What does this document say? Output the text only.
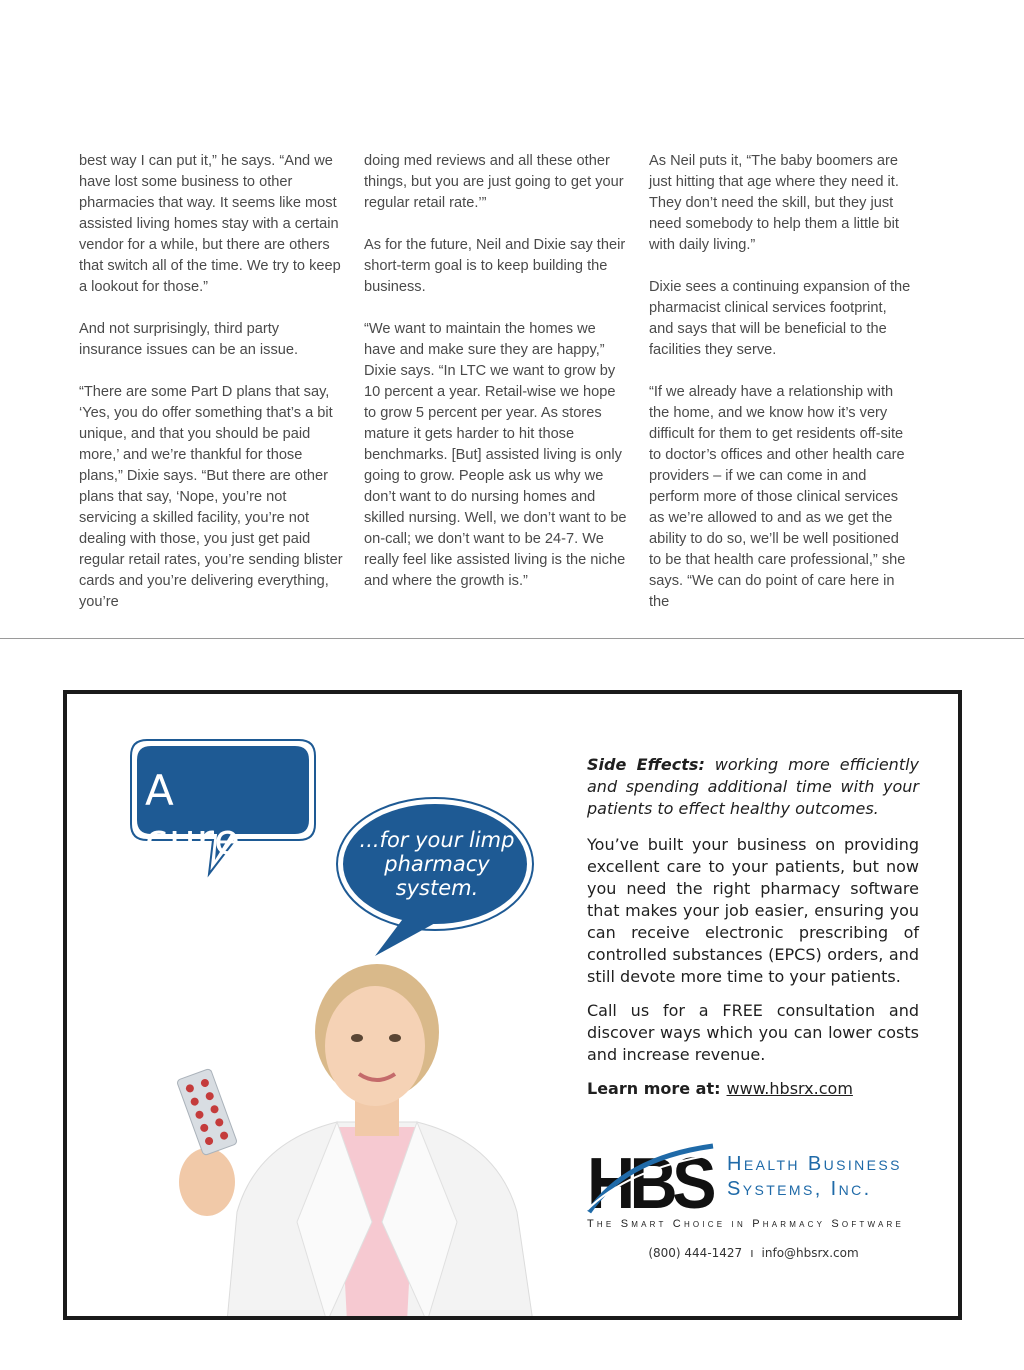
best way I can put it,” he says. “And we have lost some business to other pharmacies that way. It seems like most assisted living homes stay with a certain vendor for a while, but there are others that switch all of the time. We try to keep a lookout for those.”

And not surprisingly, third party insurance issues can be an issue.

“There are some Part D plans that say, ‘Yes, you do offer something that’s a bit unique, and that you should be paid more,’ and we’re thankful for those plans,” Dixie says. “But there are other plans that say, ‘Nope, you’re not servicing a skilled facility, you’re not dealing with those, you just get paid regular retail rates, you’re sending blister cards and you’re delivering everything, you’re

doing med reviews and all these other things, but you are just going to get your regular retail rate.’”

As for the future, Neil and Dixie say their short-term goal is to keep building the business.

“We want to maintain the homes we have and make sure they are happy,” Dixie says. “In LTC we want to grow by 10 percent a year. Retail-wise we hope to grow 5 percent per year. As stores mature it gets harder to hit those benchmarks. [But] assisted living is only going to grow. People ask us why we don’t want to do nursing homes and skilled nursing. Well, we don’t want to be on-call; we don’t want to be 24-7. We really feel like assisted living is the niche and where the growth is.”

As Neil puts it, “The baby boomers are just hitting that age where they need it. They don’t need the skill, but they just need somebody to help them a little bit with daily living.”

Dixie sees a continuing expansion of the pharmacist clinical services footprint, and says that will be beneficial to the facilities they serve.

“If we already have a relationship with the home, and we know how it’s very difficult for them to get residents off-site to doctor’s offices and other health care providers – if we can come in and perform more of those clinical services as we’re allowed to and as we get the ability to do so, we’ll be well positioned to be that health care professional,” she says. “We can do point of care here in the

A cure...	...for your limp pharmacy system.

Side Effects: working more efficiently and spending additional time with your patients to effect healthy outcomes.

You’ve built your business on providing excellent care to your patients, but now you need the right pharmacy software that makes your job easier, ensuring you can receive electronic prescribing of controlled substances (EPCS) orders, and still devote more time to your patients.

Call us for a FREE consultation and discover ways which you can lower costs and increase revenue.

Learn more at: www.hbsrx.com

HBS Health Business
Systems, Inc.
The Smart Choice in Pharmacy Software
(800) 444-1427 ı info@hbsrx.com
